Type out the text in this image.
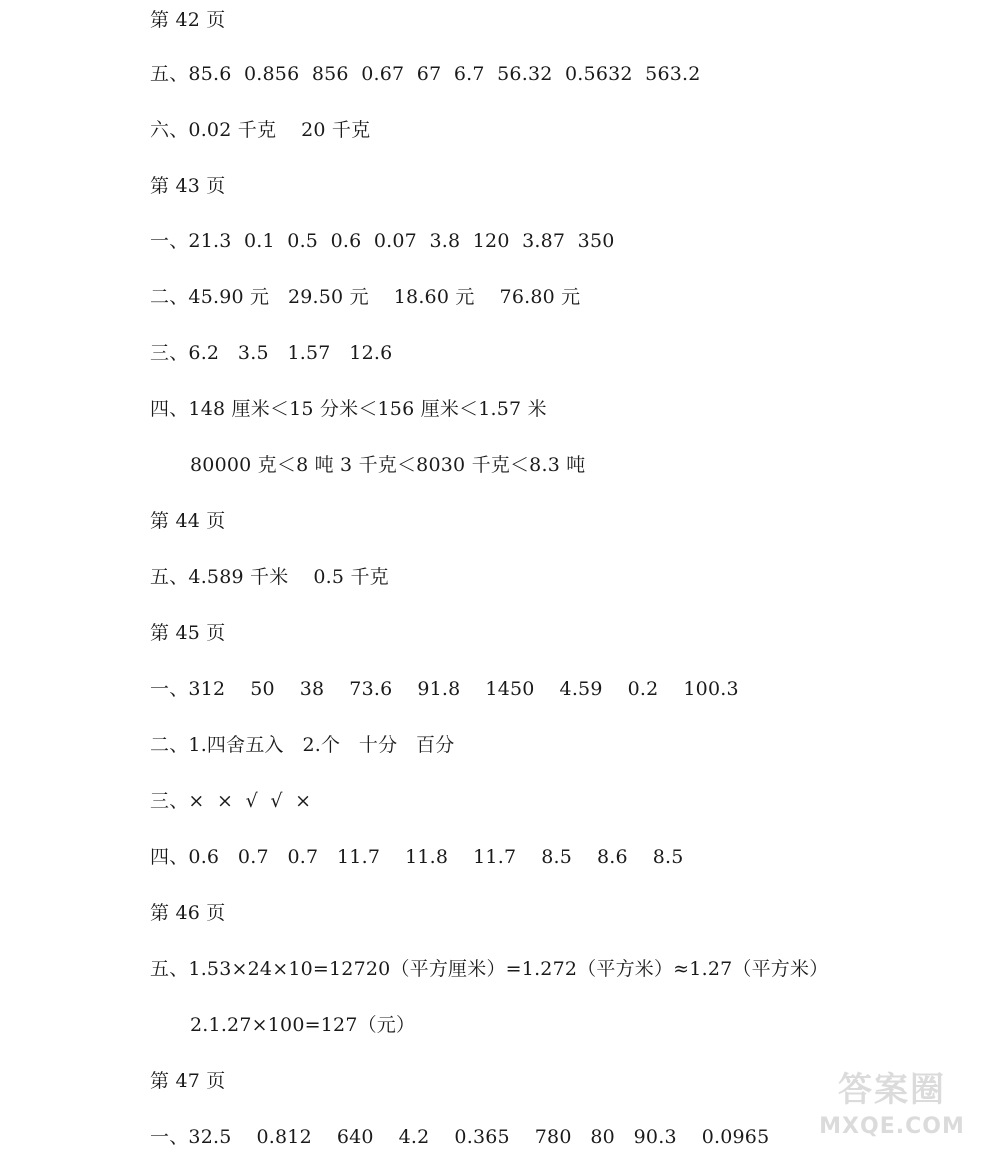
第 42 页
五、85.6  0.856  856  0.67  67  6.7  56.32  0.5632  563.2
六、0.02 千克    20 千克
第 43 页
一、21.3  0.1  0.5  0.6  0.07  3.8  120  3.87  350
二、45.90 元   29.50 元    18.60 元    76.80 元
三、6.2   3.5   1.57   12.6
四、148 厘米＜15 分米＜156 厘米＜1.57 米
80000 克＜8 吨 3 千克＜8030 千克＜8.3 吨
第 44 页
五、4.589 千米    0.5 千克
第 45 页
一、312    50    38    73.6    91.8    1450    4.59    0.2    100.3
二、1.四舍五入   2.个   十分   百分
三、×  ×  √  √  ×
四、0.6   0.7   0.7   11.7    11.8    11.7    8.5    8.6    8.5
第 46 页
五、1.53×24×10=12720（平方厘米）=1.272（平方米）≈1.27（平方米）
2.1.27×100=127（元）
第 47 页
一、32.5    0.812    640    4.2    0.365    780   80   90.3    0.0965
答案圈
MXQE.COM
